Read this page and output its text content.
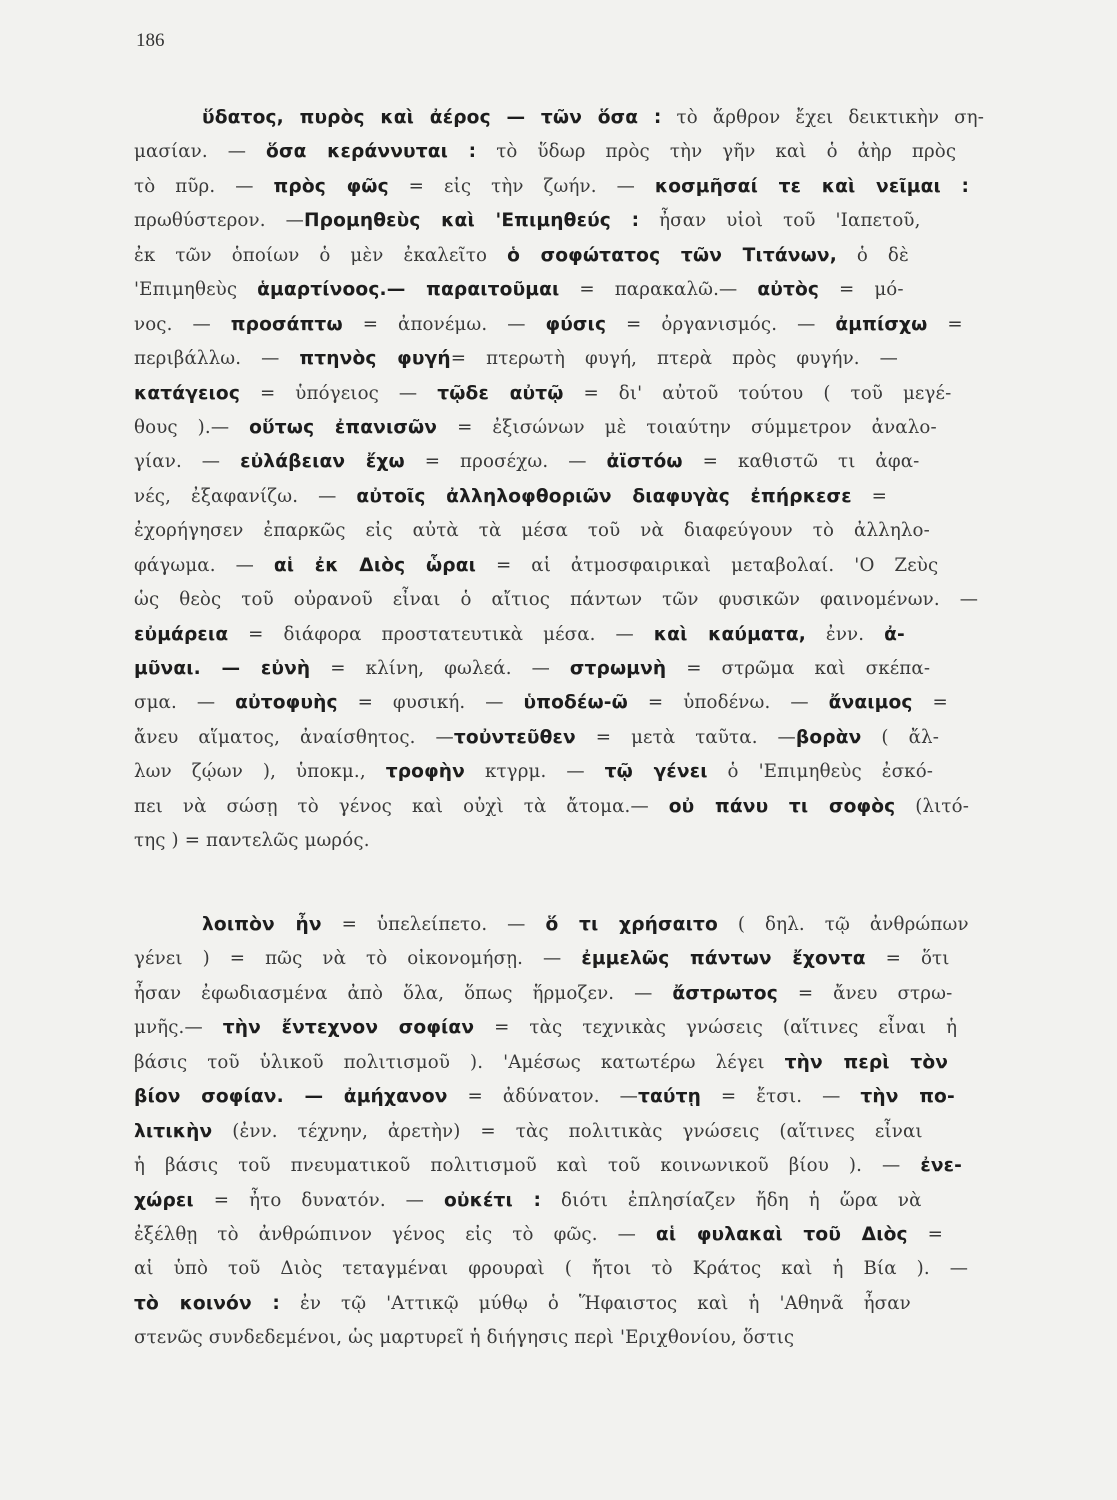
186
ὕδατος, πυρὸς καὶ ἀέρος — τῶν ὅσα : τὸ ἄρθρον ἔχει δεικτικὴν ση-
μασίαν. — ὅσα κεράννυται : τὸ ὕδωρ πρὸς τὴν γῆν καὶ ὁ ἀὴρ πρὸς
τὸ πῦρ. — πρὸς φῶς = εἰς τὴν ζωήν. — κοσμῆσαί τε καὶ νεῖμαι :
πρωθύστερον. —Προμηθεὺς καὶ 'Επιμηθεύς : ἦσαν υἱοὶ τοῦ 'Ιαπετοῦ,
ἐκ τῶν ὁποίων ὁ μὲν ἐκαλεῖτο ὁ σοφώτατος τῶν Τιτάνων, ὁ δὲ
'Επιμηθεὺς ἁμαρτίνοος.— παραιτοῦμαι = παρακαλῶ.— αὐτὸς = μό-
νος. — προσάπτω = ἀπονέμω. — φύσις = ὀργανισμός. — ἀμπίσχω =
περιβάλλω. — πτηνὸς φυγή= πτερωτὴ φυγή, πτερὰ πρὸς φυγήν. —
κατάγειος = ὑπόγειος — τῷδε αὐτῷ = δι' αὐτοῦ τούτου ( τοῦ μεγέ-
θους ).— οὕτως ἐπανισῶν = ἐξισώνων μὲ τοιαύτην σύμμετρον ἀναλο-
γίαν. — εὐλάβειαν ἔχω = προσέχω. — ἀϊστόω = καθιστῶ τι ἀφα-
νές, ἐξαφανίζω. — αὐτοῖς ἀλληλοφθοριῶν διαφυγὰς ἐπήρκεσε =
ἐχορήγησεν ἐπαρκῶς εἰς αὐτὰ τὰ μέσα τοῦ νὰ διαφεύγουν τὸ ἀλληλο-
φάγωμα. — αἱ ἐκ Διὸς ὧραι = αἱ ἀτμοσφαιρικαὶ μεταβολαί. 'Ο Ζεὺς
ὡς θεὸς τοῦ οὐρανοῦ εἶναι ὁ αἴτιος πάντων τῶν φυσικῶν φαινομένων. —
εὐμάρεια = διάφορα προστατευτικὰ μέσα. — καὶ καύματα, ἐνν. ἀ-
μῦναι. — εὐνὴ = κλίνη, φωλεά. — στρωμνὴ = στρῶμα καὶ σκέπα-
σμα. — αὐτοφυὴς = φυσική. — ὑποδέω-ῶ = ὑποδένω. — ἄναιμος =
ἄνευ αἵματος, ἀναίσθητος. —τοὐντεῦθεν = μετὰ ταῦτα. —βορὰν ( ἄλ-
λων ζῴων ), ὑποκμ., τροφὴν κτγρμ. — τῷ γένει ὁ 'Επιμηθεὺς ἐσκό-
πει νὰ σώσῃ τὸ γένος καὶ οὐχὶ τὰ ἄτομα.— οὐ πάνυ τι σοφὸς (λιτό-
της ) = παντελῶς μωρός.
λοιπὸν ἦν = ὑπελείπετο. — ὅ τι χρήσαιτο ( δηλ. τῷ ἀνθρώπων
γένει ) = πῶς νὰ τὸ οἰκονομήσῃ. — ἐμμελῶς πάντων ἔχοντα = ὅτι
ἦσαν ἐφωδιασμένα ἀπὸ ὅλα, ὅπως ἥρμοζεν. — ἄστρωτος = ἄνευ στρω-
μνῆς.— τὴν ἔντεχνον σοφίαν = τὰς τεχνικὰς γνώσεις (αἵτινες εἶναι ἡ
βάσις τοῦ ὑλικοῦ πολιτισμοῦ ). 'Αμέσως κατωτέρω λέγει τὴν περὶ τὸν
βίον σοφίαν. — ἀμήχανον = ἀδύνατον. —ταύτῃ = ἔτσι. — τὴν πο-
λιτικὴν (ἐνν. τέχνην, ἀρετὴν) = τὰς πολιτικὰς γνώσεις (αἵτινες εἶναι
ἡ βάσις τοῦ πνευματικοῦ πολιτισμοῦ καὶ τοῦ κοινωνικοῦ βίου ). — ἐνε-
χώρει = ἦτο δυνατόν. — οὐκέτι : διότι ἐπλησίαζεν ἤδη ἡ ὥρα νὰ
ἐξέλθῃ τὸ ἀνθρώπινον γένος εἰς τὸ φῶς. — αἱ φυλακαὶ τοῦ Διὸς =
αἱ ὑπὸ τοῦ Διὸς τεταγμέναι φρουραὶ ( ἤτοι τὸ Κράτος καὶ ἡ Βία ). —
τὸ κοινόν : ἐν τῷ 'Αττικῷ μύθῳ ὁ Ἥφαιστος καὶ ἡ 'Αθηνᾶ ἦσαν
στενῶς συνδεδεμένοι, ὡς μαρτυρεῖ ἡ διήγησις περὶ 'Εριχθονίου, ὅστις
